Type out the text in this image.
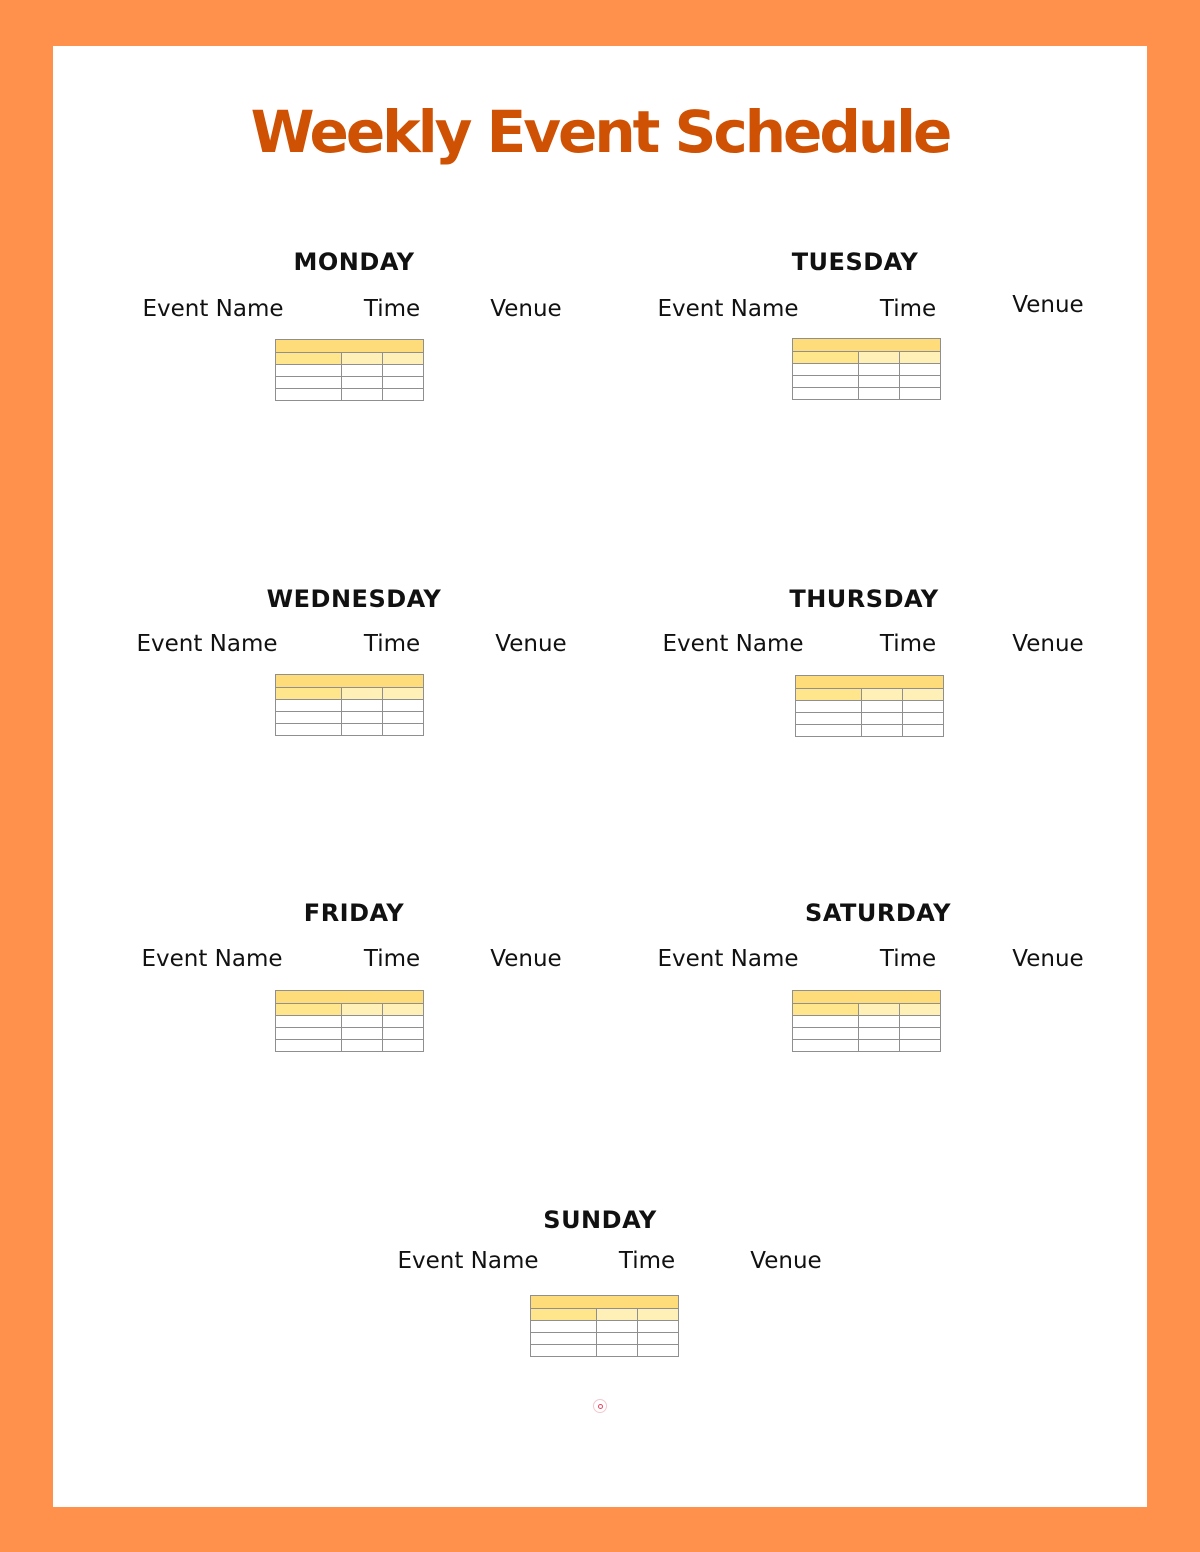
Weekly Event Schedule
MONDAY
Event Name	Time	Venue

TUESDAY
Event Name	Time	Venue

WEDNESDAY
Event Name	Time	Venue

THURSDAY
Event Name	Time	Venue

FRIDAY
Event Name	Time	Venue

SATURDAY
Event Name	Time	Venue

SUNDAY
Event Name	Time	Venue
